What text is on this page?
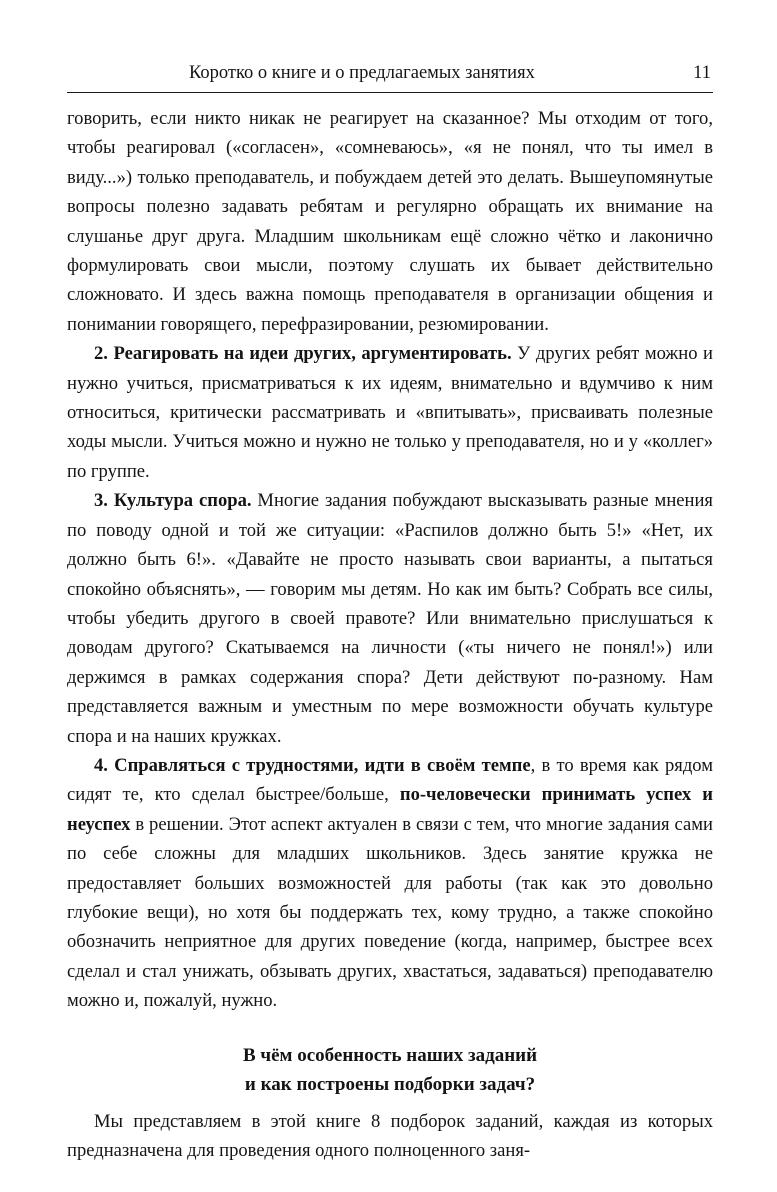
Коротко о книге и о предлагаемых занятиях	11

говорить, если никто никак не реагирует на сказанное? Мы отходим от того, чтобы реагировал («согласен», «сомневаюсь», «я не понял, что ты имел в виду...») только преподаватель, и побуждаем детей это делать. Вышеупомянутые вопросы полезно задавать ребятам и регулярно обращать их внимание на слушанье друг друга. Младшим школьникам ещё сложно чётко и лаконично формулировать свои мысли, поэтому слушать их бывает действительно сложновато. И здесь важна помощь преподавателя в организации общения и понимании говорящего, перефразировании, резюмировании.

2. Реагировать на идеи других, аргументировать. У других ребят можно и нужно учиться, присматриваться к их идеям, внимательно и вдумчиво к ним относиться, критически рассматривать и «впитывать», присваивать полезные ходы мысли. Учиться можно и нужно не только у преподавателя, но и у «коллег» по группе.

3. Культура спора. Многие задания побуждают высказывать разные мнения по поводу одной и той же ситуации: «Распилов должно быть 5!» «Нет, их должно быть 6!». «Давайте не просто называть свои варианты, а пытаться спокойно объяснять», — говорим мы детям. Но как им быть? Собрать все силы, чтобы убедить другого в своей правоте? Или внимательно прислушаться к доводам другого? Скатываемся на личности («ты ничего не понял!») или держимся в рамках содержания спора? Дети действуют по-разному. Нам представляется важным и уместным по мере возможности обучать культуре спора и на наших кружках.

4. Справляться с трудностями, идти в своём темпе, в то время как рядом сидят те, кто сделал быстрее/больше, по-человечески принимать успех и неуспех в решении. Этот аспект актуален в связи с тем, что многие задания сами по себе сложны для младших школьников. Здесь занятие кружка не предоставляет больших возможностей для работы (так как это довольно глубокие вещи), но хотя бы поддержать тех, кому трудно, а также спокойно обозначить неприятное для других поведение (когда, например, быстрее всех сделал и стал унижать, обзывать других, хвастаться, задаваться) преподавателю можно и, пожалуй, нужно.

В чём особенность наших заданий
и как построены подборки задач?

Мы представляем в этой книге 8 подборок заданий, каждая из которых предназначена для проведения одного полноценного заня-
